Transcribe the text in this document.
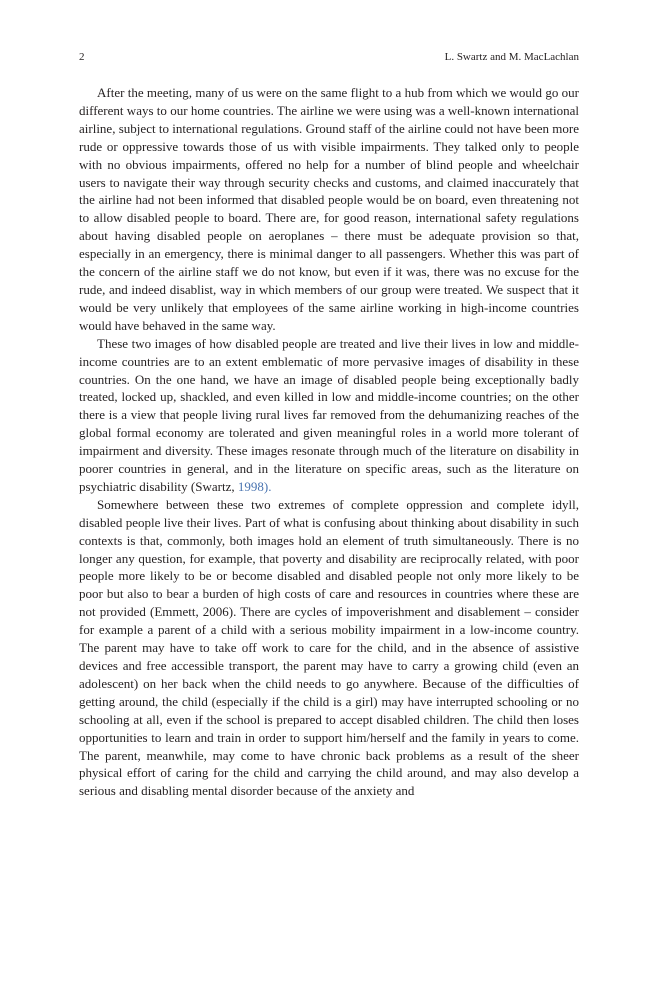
2	L. Swartz and M. MacLachlan

After the meeting, many of us were on the same flight to a hub from which we would go our different ways to our home countries. The airline we were using was a well-known international airline, subject to international regulations. Ground staff of the airline could not have been more rude or oppressive towards those of us with visible impairments. They talked only to people with no obvious impairments, offered no help for a number of blind people and wheelchair users to navigate their way through security checks and customs, and claimed inaccurately that the airline had not been informed that disabled people would be on board, even threatening not to allow disabled people to board. There are, for good reason, international safety regulations about having disabled people on aeroplanes – there must be adequate provision so that, especially in an emergency, there is minimal danger to all passengers. Whether this was part of the concern of the airline staff we do not know, but even if it was, there was no excuse for the rude, and indeed disablist, way in which members of our group were treated. We suspect that it would be very unlikely that employees of the same airline working in high-income countries would have behaved in the same way.

These two images of how disabled people are treated and live their lives in low and middle-income countries are to an extent emblematic of more pervasive images of disability in these countries. On the one hand, we have an image of disabled people being exceptionally badly treated, locked up, shackled, and even killed in low and middle-income countries; on the other there is a view that people living rural lives far removed from the dehumanizing reaches of the global formal economy are tolerated and given meaningful roles in a world more tolerant of impairment and diversity. These images resonate through much of the literature on disability in poorer countries in general, and in the literature on specific areas, such as the literature on psychiatric disability (Swartz, 1998).

Somewhere between these two extremes of complete oppression and complete idyll, disabled people live their lives. Part of what is confusing about thinking about disability in such contexts is that, commonly, both images hold an element of truth simultaneously. There is no longer any question, for example, that poverty and disability are reciprocally related, with poor people more likely to be or become disabled and disabled people not only more likely to be poor but also to bear a burden of high costs of care and resources in countries where these are not provided (Emmett, 2006). There are cycles of impoverishment and disablement – consider for example a parent of a child with a serious mobility impairment in a low-income country. The parent may have to take off work to care for the child, and in the absence of assistive devices and free accessible transport, the parent may have to carry a growing child (even an adolescent) on her back when the child needs to go anywhere. Because of the difficulties of getting around, the child (especially if the child is a girl) may have interrupted schooling or no schooling at all, even if the school is prepared to accept disabled children. The child then loses opportunities to learn and train in order to support him/herself and the family in years to come. The parent, meanwhile, may come to have chronic back problems as a result of the sheer physical effort of caring for the child and carrying the child around, and may also develop a serious and disabling mental disorder because of the anxiety and
